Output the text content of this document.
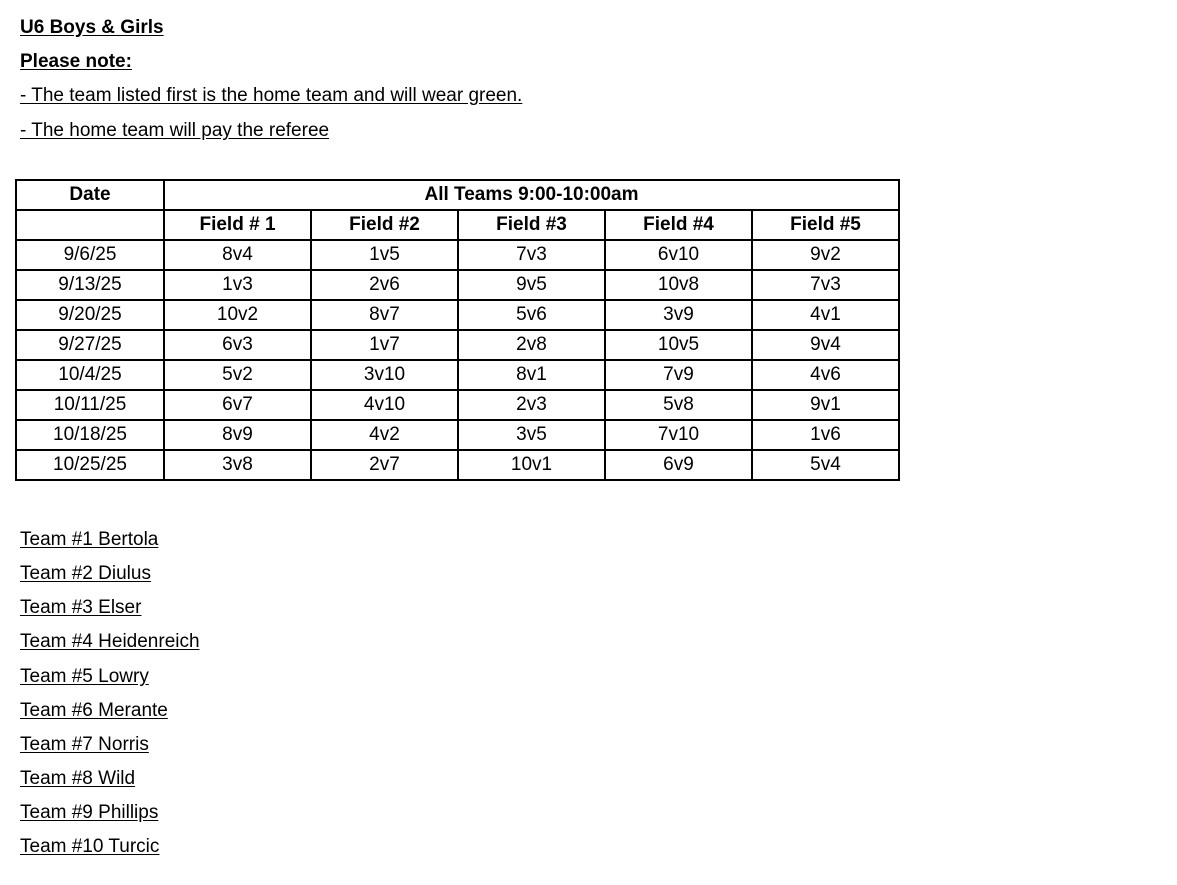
U6 Boys & Girls
Please note:
- The team listed first is the home team and will wear green.
- The home team will pay the referee
Date	All Teams 9:00-10:00am				
	Field # 1	Field #2	Field #3	Field #4	Field #5
9/6/25	8v4	1v5	7v3	6v10	9v2
9/13/25	1v3	2v6	9v5	10v8	7v3
9/20/25	10v2	8v7	5v6	3v9	4v1
9/27/25	6v3	1v7	2v8	10v5	9v4
10/4/25	5v2	3v10	8v1	7v9	4v6
10/11/25	6v7	4v10	2v3	5v8	9v1
10/18/25	8v9	4v2	3v5	7v10	1v6
10/25/25	3v8	2v7	10v1	6v9	5v4
Team #1 Bertola
Team #2 Diulus
Team #3 Elser
Team #4 Heidenreich
Team #5 Lowry
Team #6 Merante
Team #7 Norris
Team #8 Wild
Team #9 Phillips
Team #10 Turcic
